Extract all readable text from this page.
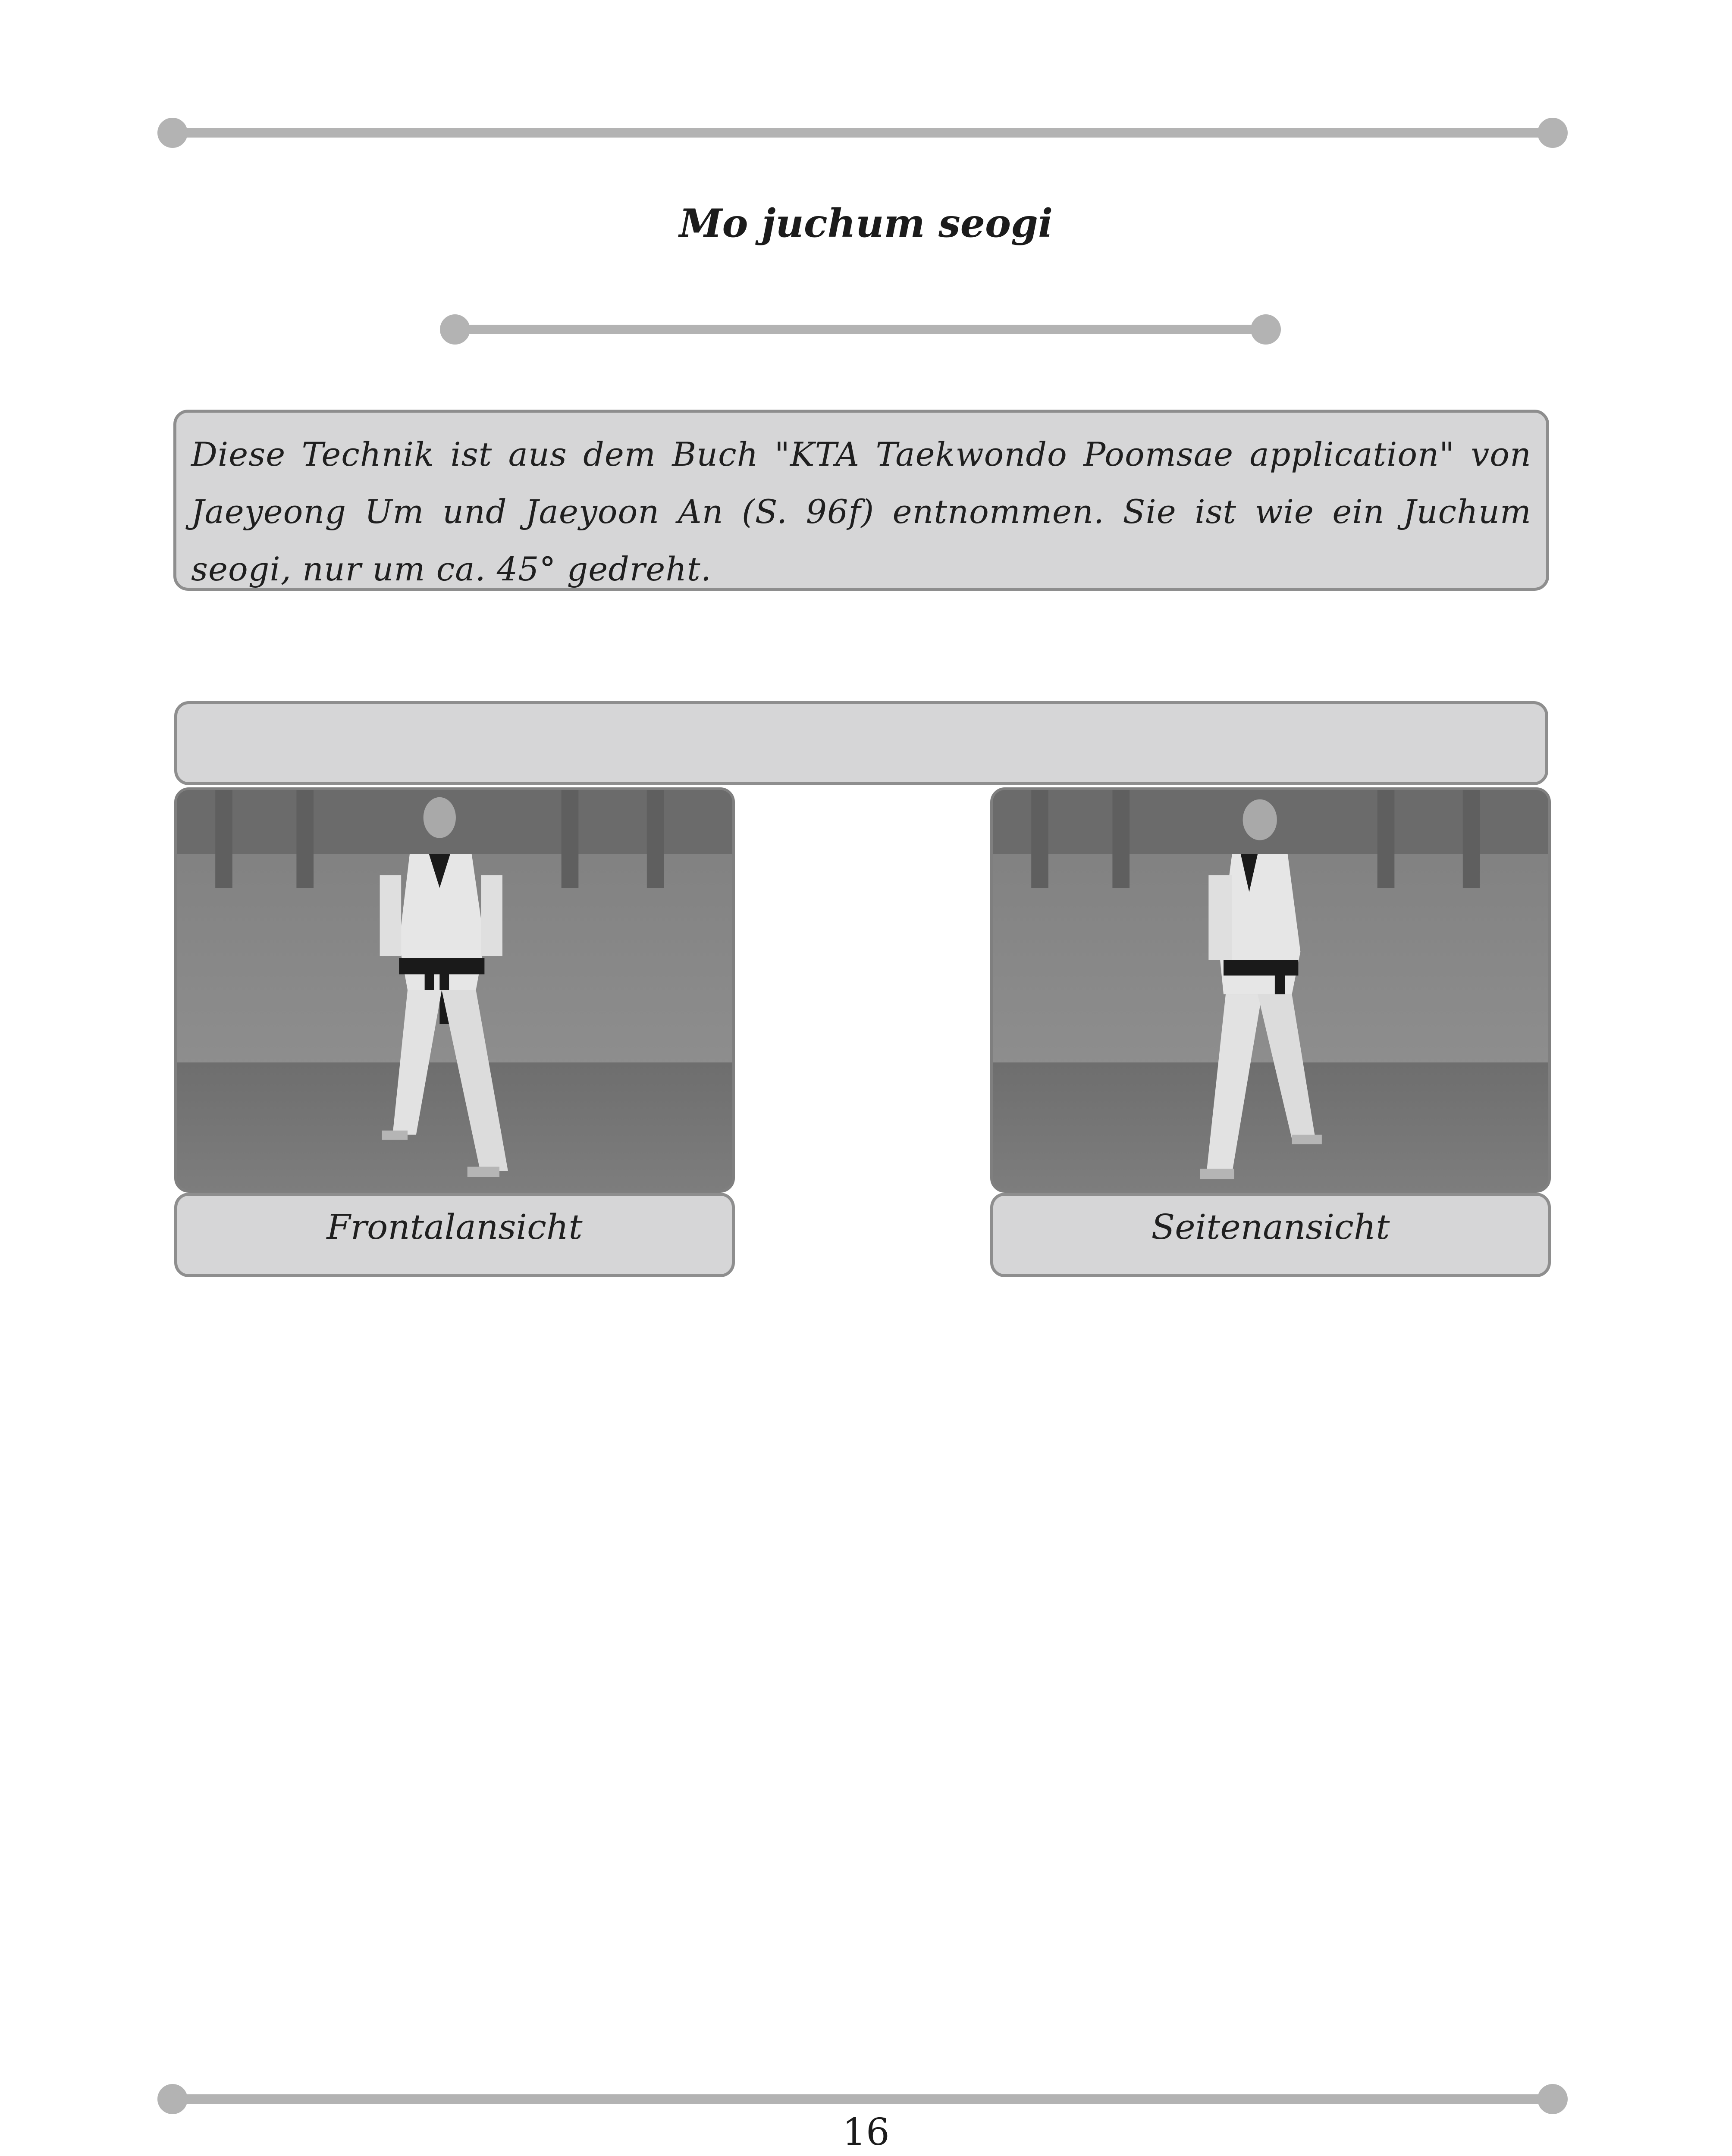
Mo juchum seogi

Diese Technik ist aus dem Buch "KTA Taekwondo Poomsae application" von Jaeyeong Um und Jaeyoon An (S. 96f) entnommen. Sie ist wie ein Juchum seogi, nur um ca. 45° gedreht.

Frontalansicht	Seitenansicht
16
